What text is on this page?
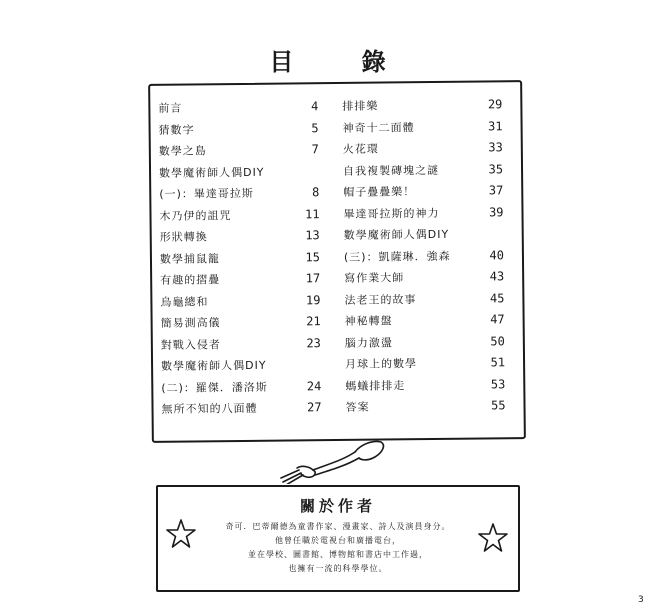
目 錄
前言	4
猜數字	5
數學之島	7
數學魔術師人偶DIY
(一)：畢達哥拉斯	8
木乃伊的詛咒	11
形狀轉換	13
數學捕鼠籠	15
有趣的摺疊	17
烏龜總和	19
簡易測高儀	21
對戰入侵者	23
數學魔術師人偶DIY
(二)：羅傑．潘洛斯	24
無所不知的八面體	27
排排樂	29
神奇十二面體	31
火花環	33
自我複製磚塊之謎	35
帽子疊疊樂！	37
畢達哥拉斯的神力	39
數學魔術師人偶DIY
(三)：凱薩琳．強森	40
寫作業大師	43
法老王的故事	45
神秘轉盤	47
腦力激盪	50
月球上的數學	51
螞蟻排排走	53
答案	55
關於作者
奇可．巴蒂爾德為童書作家、漫畫家、詩人及演員身分。
他曾任職於電視台和廣播電台，
並在學校、圖書館、博物館和書店中工作過，
也擁有一流的科學學位。
3
